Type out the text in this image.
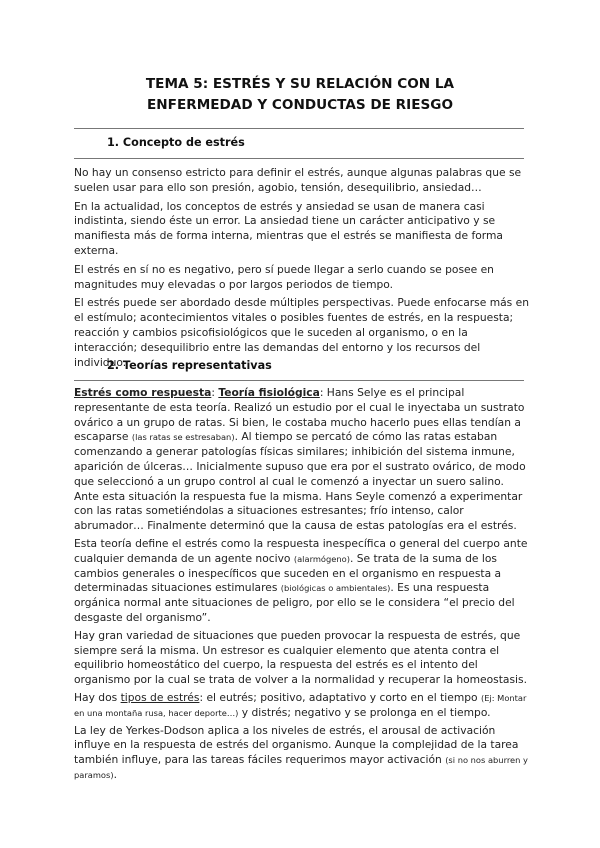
TEMA 5: ESTRÉS Y SU RELACIÓN CON LA
ENFERMEDAD Y CONDUCTAS DE RIESGO
1. Concepto de estrés

No hay un consenso estricto para definir el estrés, aunque algunas palabras que se suelen usar para ello son presión, agobio, tensión, desequilibrio, ansiedad…

En la actualidad, los conceptos de estrés y ansiedad se usan de manera casi indistinta, siendo éste un error. La ansiedad tiene un carácter anticipativo y se manifiesta más de forma interna, mientras que el estrés se manifiesta de forma externa.

El estrés en sí no es negativo, pero sí puede llegar a serlo cuando se posee en magnitudes muy elevadas o por largos periodos de tiempo.

El estrés puede ser abordado desde múltiples perspectivas. Puede enfocarse más en el estímulo; acontecimientos vitales o posibles fuentes de estrés, en la respuesta; reacción y cambios psicofisiológicos que le suceden al organismo, o en la interacción; desequilibrio entre las demandas del entorno y los recursos del individuo.

2. Teorías representativas

Estrés como respuesta: Teoría fisiológica: Hans Selye es el principal representante de esta teoría. Realizó un estudio por el cual le inyectaba un sustrato ovárico a un grupo de ratas. Si bien, le costaba mucho hacerlo pues ellas tendían a escaparse (las ratas se estresaban). Al tiempo se percató de cómo las ratas estaban comenzando a generar patologías físicas similares; inhibición del sistema inmune, aparición de úlceras… Inicialmente supuso que era por el sustrato ovárico, de modo que seleccionó a un grupo control al cual le comenzó a inyectar un suero salino. Ante esta situación la respuesta fue la misma. Hans Seyle comenzó a experimentar con las ratas sometiéndolas a situaciones estresantes; frío intenso, calor abrumador… Finalmente determinó que la causa de estas patologías era el estrés.

Esta teoría define el estrés como la respuesta inespecífica o general del cuerpo ante cualquier demanda de un agente nocivo (alarmógeno). Se trata de la suma de los cambios generales o inespecíficos que suceden en el organismo en respuesta a determinadas situaciones estimulares (biológicas o ambientales). Es una respuesta orgánica normal ante situaciones de peligro, por ello se le considera “el precio del desgaste del organismo”.

Hay gran variedad de situaciones que pueden provocar la respuesta de estrés, que siempre será la misma. Un estresor es cualquier elemento que atenta contra el equilibrio homeostático del cuerpo, la respuesta del estrés es el intento del organismo por la cual se trata de volver a la normalidad y recuperar la homeostasis.

Hay dos tipos de estrés: el eutrés; positivo, adaptativo y corto en el tiempo (Ej: Montar en una montaña rusa, hacer deporte…) y distrés; negativo y se prolonga en el tiempo.

La ley de Yerkes-Dodson aplica a los niveles de estrés, el arousal de activación influye en la respuesta de estrés del organismo. Aunque la complejidad de la tarea también influye, para las tareas fáciles requerimos mayor activación (si no nos aburren y paramos).
